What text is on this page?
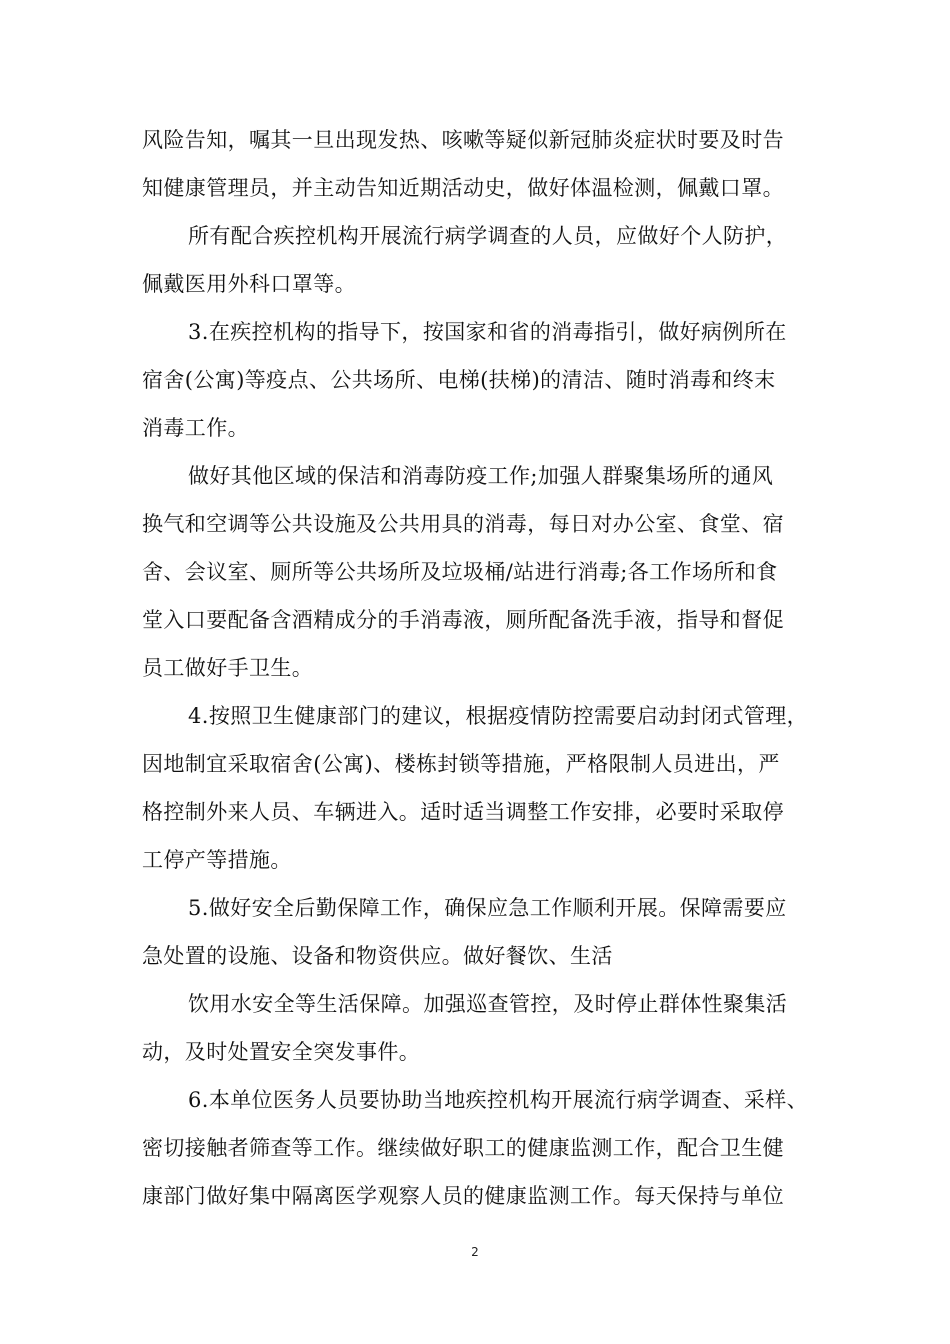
风险告知，嘱其一旦出现发热、咳嗽等疑似新冠肺炎症状时要及时告
知健康管理员，并主动告知近期活动史，做好体温检测，佩戴口罩。
所有配合疾控机构开展流行病学调查的人员，应做好个人防护，
佩戴医用外科口罩等。
3.在疾控机构的指导下，按国家和省的消毒指引，做好病例所在
宿舍(公寓)等疫点、公共场所、电梯(扶梯)的清洁、随时消毒和终末
消毒工作。
做好其他区域的保洁和消毒防疫工作;加强人群聚集场所的通风
换气和空调等公共设施及公共用具的消毒，每日对办公室、食堂、宿
舍、会议室、厕所等公共场所及垃圾桶/站进行消毒;各工作场所和食
堂入口要配备含酒精成分的手消毒液，厕所配备洗手液，指导和督促
员工做好手卫生。
4.按照卫生健康部门的建议，根据疫情防控需要启动封闭式管理，
因地制宜采取宿舍(公寓)、楼栋封锁等措施，严格限制人员进出，严
格控制外来人员、车辆进入。适时适当调整工作安排，必要时采取停
工停产等措施。
5.做好安全后勤保障工作，确保应急工作顺利开展。保障需要应
急处置的设施、设备和物资供应。做好餐饮、生活
饮用水安全等生活保障。加强巡查管控，及时停止群体性聚集活
动，及时处置安全突发事件。
6.本单位医务人员要协助当地疾控机构开展流行病学调查、采样、
密切接触者筛查等工作。继续做好职工的健康监测工作，配合卫生健
康部门做好集中隔离医学观察人员的健康监测工作。每天保持与单位
2
